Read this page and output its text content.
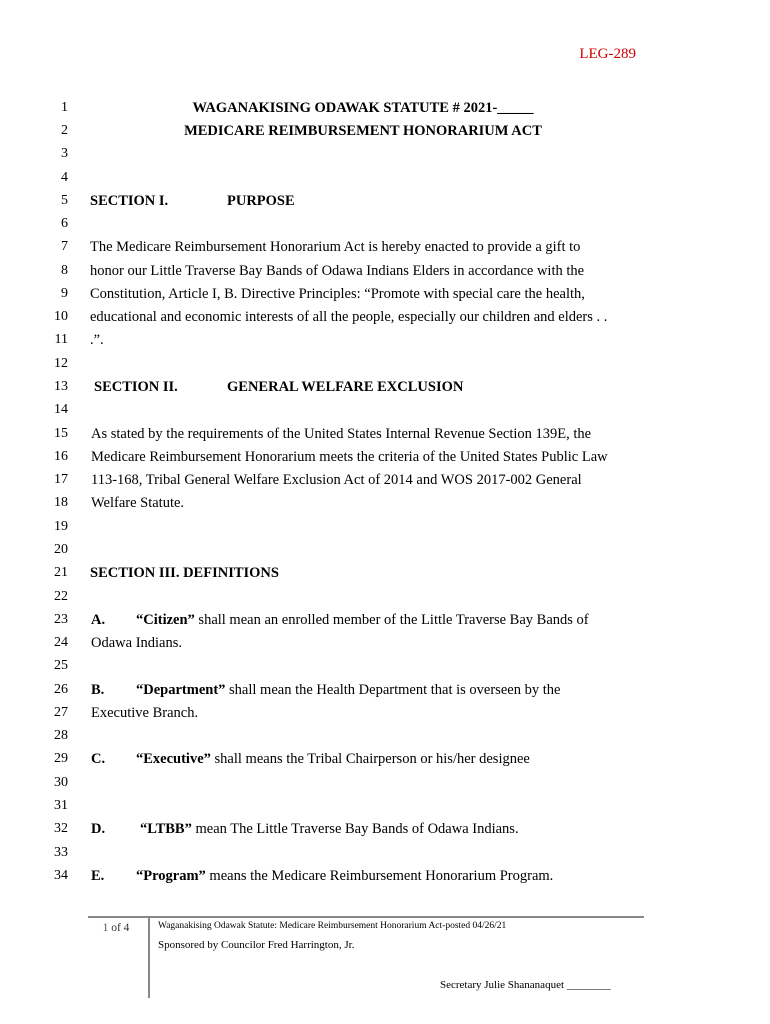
LEG-289
1
2
3
4
5
6
7
8
9
10
11
12
13
14
15
16
17
18
19
20
21
22
23
24
25
26
27
28
29
30
31
32
33
34
WAGANAKISING ODAWAK STATUTE # 2021-_____
MEDICARE REIMBURSEMENT HONORARIUM ACT
SECTION I.	PURPOSE
The Medicare Reimbursement Honorarium Act is hereby enacted to provide a gift to
honor our Little Traverse Bay Bands of Odawa Indians Elders in accordance with the
Constitution, Article I, B. Directive Principles: “Promote with special care the health,
educational and economic interests of all the people, especially our children and elders . .
.”.
SECTION II.	GENERAL WELFARE EXCLUSION
As stated by the requirements of the United States Internal Revenue Section 139E, the
Medicare Reimbursement Honorarium meets the criteria of the United States Public Law
113-168, Tribal General Welfare Exclusion Act of 2014 and WOS 2017-002 General
Welfare Statute.
SECTION III. DEFINITIONS
A. “Citizen” shall mean an enrolled member of the Little Traverse Bay Bands of
Odawa Indians.
B. “Department” shall mean the Health Department that is overseen by the
Executive Branch.
C. “Executive” shall means the Tribal Chairperson or his/her designee
D. “LTBB” mean The Little Traverse Bay Bands of Odawa Indians.
E. “Program” means the Medicare Reimbursement Honorarium Program.
1 of 4	Waganakising Odawak Statute: Medicare Reimbursement Honorarium Act-posted 04/26/21
Sponsored by Councilor Fred Harrington, Jr.
Secretary Julie Shananaquet ________
